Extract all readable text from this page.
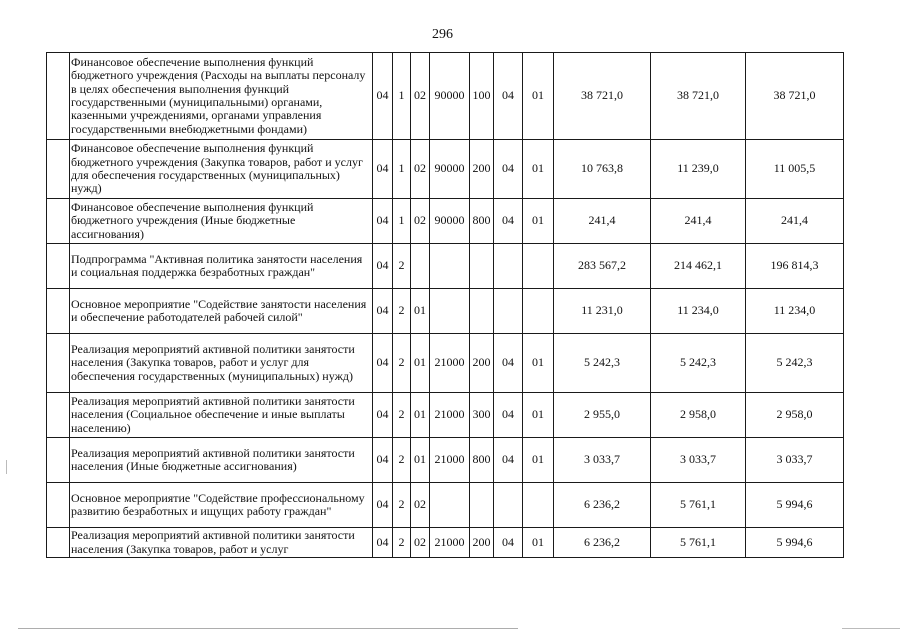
296
	Финансовое обеспечение выполнения функций бюджетного учреждения (Расходы на выплаты персоналу в целях обеспечения выполнения функций государственными (муниципальными) органами, казенными учреждениями, органами управления государственными внебюджетными фондами)	04	1	02	90000	100	04	01	38 721,0	38 721,0	38 721,0
	Финансовое обеспечение выполнения функций бюджетного учреждения (Закупка товаров, работ и услуг для обеспечения государственных (муниципальных) нужд)	04	1	02	90000	200	04	01	10 763,8	11 239,0	11 005,5
	Финансовое обеспечение выполнения функций бюджетного учреждения (Иные бюджетные ассигнования)	04	1	02	90000	800	04	01	241,4	241,4	241,4
	Подпрограмма "Активная политика занятости населения и социальная поддержка безработных граждан"	04	2						283 567,2	214 462,1	196 814,3
	Основное мероприятие "Содействие занятости населения и обеспечение работодателей рабочей силой"	04	2	01					11 231,0	11 234,0	11 234,0
	Реализация мероприятий активной политики занятости населения (Закупка товаров, работ и услуг для обеспечения государственных (муниципальных) нужд)	04	2	01	21000	200	04	01	5 242,3	5 242,3	5 242,3
	Реализация мероприятий активной политики занятости населения (Социальное обеспечение и иные выплаты населению)	04	2	01	21000	300	04	01	2 955,0	2 958,0	2 958,0
	Реализация мероприятий активной политики занятости населения (Иные бюджетные ассигнования)	04	2	01	21000	800	04	01	3 033,7	3 033,7	3 033,7
	Основное мероприятие "Содействие профессиональному развитию безработных и ищущих работу граждан"	04	2	02					6 236,2	5 761,1	5 994,6
	Реализация мероприятий активной политики занятости населения (Закупка товаров, работ и услуг	04	2	02	21000	200	04	01	6 236,2	5 761,1	5 994,6
